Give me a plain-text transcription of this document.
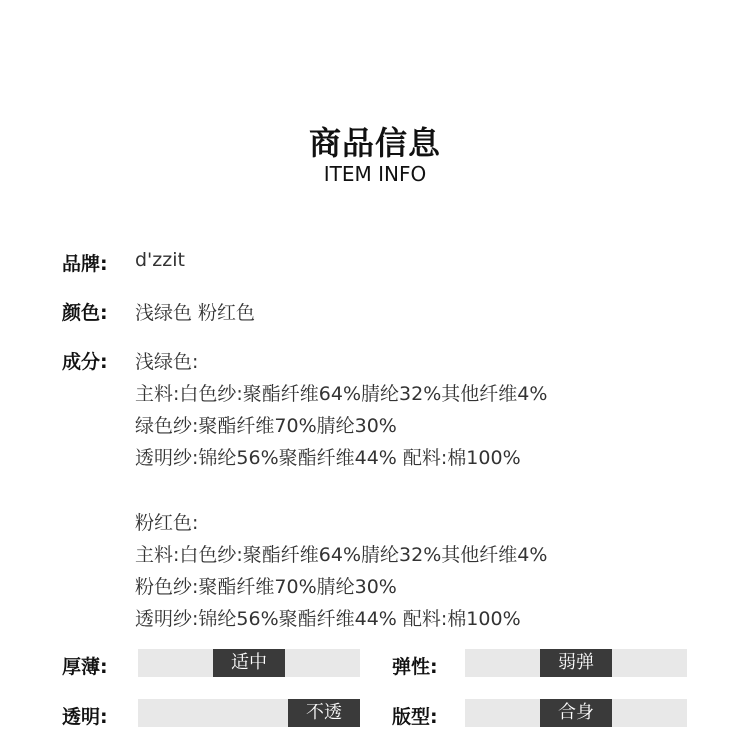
商品信息
ITEM INFO
品牌: d'zzit
颜色: 浅绿色 粉红色
成分: 浅绿色:
主料:白色纱:聚酯纤维64%腈纶32%其他纤维4%
绿色纱:聚酯纤维70%腈纶30%
透明纱:锦纶56%聚酯纤维44% 配料:棉100%
粉红色:
主料:白色纱:聚酯纤维64%腈纶32%其他纤维4%
粉色纱:聚酯纤维70%腈纶30%
透明纱:锦纶56%聚酯纤维44% 配料:棉100%
厚薄:	适中	弹性:	弱弹
透明:	不透	版型:	合身
